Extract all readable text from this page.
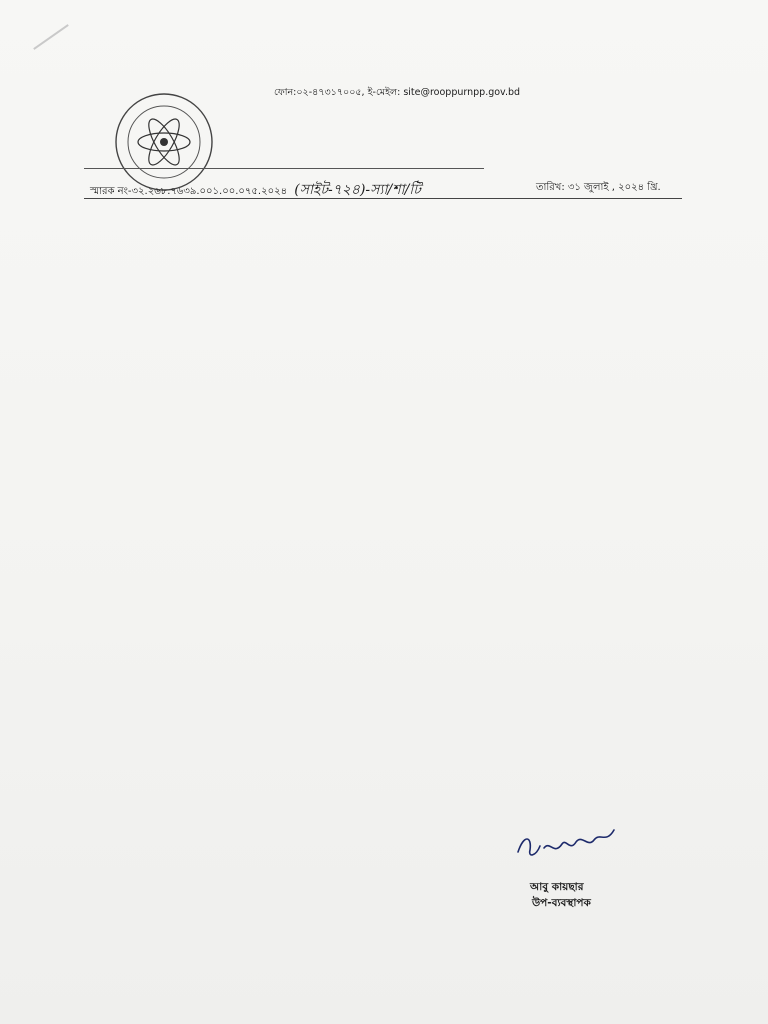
ফোন:০২-৪৭৩১৭০০৫, ই-মেইল: site@rooppurnpp.gov.bd
স্মারক নং-৩২.২৬৮.৭৬৩৯.০০১.০০.০৭৫.২০২৪ (সাইট-৭২৪)-স্যা/শা/টি	তারিখ: ৩১ জুলাই , ২০২৪ খ্রি.
আবু কায়ছার
উপ-ব্যবস্থাপক
